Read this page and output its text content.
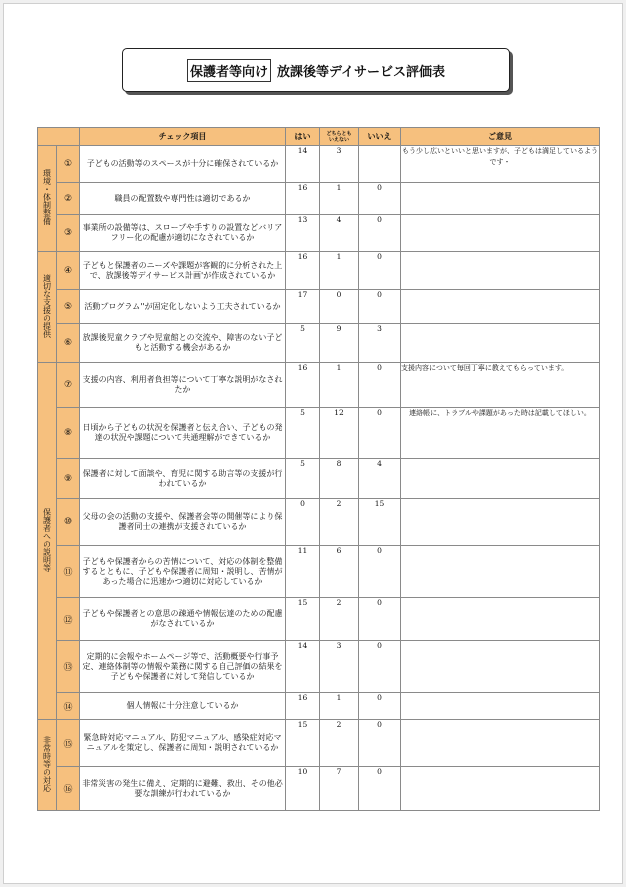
保護者等向け 放課後等デイサービス評価表
		チェック項目	はい	どちらとも
いえない	いいえ	ご意見
環境・体制整備	①	子どもの活動等のスペースが十分に確保されているか	14	3		もう少し広いといいと思いますが、子どもは満足しているようです・
	②	職員の配置数や専門性は適切であるか	16	1	0	
	③	事業所の設備等は、スロープや手すりの設置などバリアフリー化の配慮が適切になされているか	13	4	0	
適切な支援の提供	④	子どもと保護者のニーズや課題が客観的に分析された上で、放課後等デイサービス計画'が作成されているか	16	1	0	
	⑤	活動プログラム''が固定化しないよう工夫されているか	17	0	0	
	⑥	放課後児童クラブや児童館との交流や、障害のない子どもと活動する機会があるか	5	9	3	
保護者への説明等	⑦	支援の内容、利用者負担等について丁寧な説明がなされたか	16	1	0	支援内容について毎回丁寧に教えてもらっています。
	⑧	日頃から子どもの状況を保護者と伝え合い、子どもの発達の状況や課題について共通理解ができているか	5	12	0	連絡帳に、トラブルや課題があった時は記載してほしい。
	⑨	保護者に対して面談や、育児に関する助言等の支援が行われているか	5	8	4	
	⑩	父母の会の活動の支援や、保護者会等の開催等により保護者同士の連携が支援されているか	0	2	15	
	⑪	子どもや保護者からの苦情について、対応の体制を整備するとともに、子どもや保護者に周知・説明し、苦情があった場合に迅速かつ適切に対応しているか	11	6	0	
	⑫	子どもや保護者との意思の疎通や情報伝達のための配慮がなされているか	15	2	0	
	⑬	定期的に会報やホームページ等で、活動概要や行事予定、連絡体制等の情報や業務に関する自己評価の結果を子どもや保護者に対して発信しているか	14	3	0	
	⑭	個人情報に十分注意しているか	16	1	0	
非常時等の対応	⑮	緊急時対応マニュアル、防犯マニュアル、感染症対応マニュアルを策定し、保護者に周知・説明されているか	15	2	0	
	⑯	非常災害の発生に備え、定期的に避難、救出、その他必要な訓練が行われているか	10	7	0	
